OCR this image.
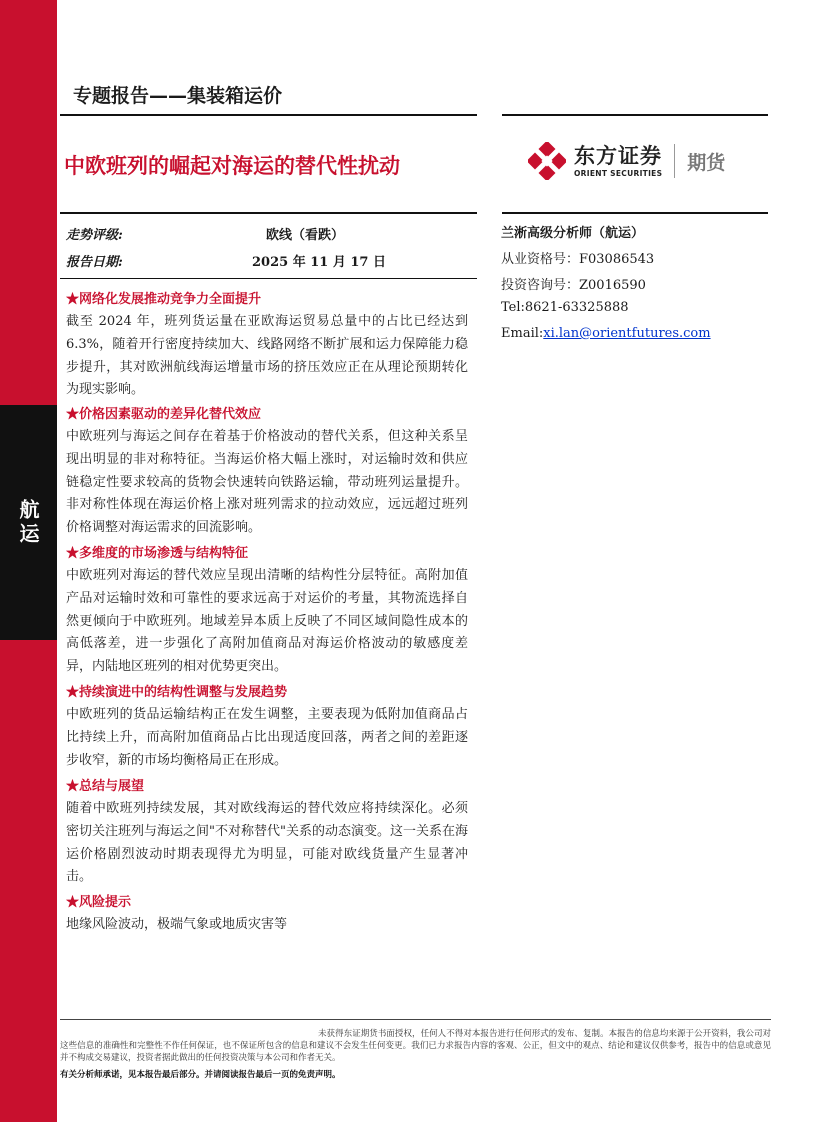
航运
专题报告——集装箱运价
中欧班列的崛起对海运的替代性扰动	东方证券
ORIENT SECURITIES 期货
走势评级:	欧线（看跌）
报告日期:	2025 年 11 月 17 日
兰淅高级分析师（航运）
从业资格号：F03086543
投资咨询号：Z0016590
Tel:8621-63325888
Email:xi.lan@orientfutures.com
★网络化发展推动竞争力全面提升
截至 2024 年，班列货运量在亚欧海运贸易总量中的占比已经达到 6.3%，随着开行密度持续加大、线路网络不断扩展和运力保障能力稳步提升，其对欧洲航线海运增量市场的挤压效应正在从理论预期转化为现实影响。
★价格因素驱动的差异化替代效应
中欧班列与海运之间存在着基于价格波动的替代关系，但这种关系呈现出明显的非对称特征。当海运价格大幅上涨时，对运输时效和供应链稳定性要求较高的货物会快速转向铁路运输，带动班列运量提升。非对称性体现在海运价格上涨对班列需求的拉动效应，远远超过班列价格调整对海运需求的回流影响。
★多维度的市场渗透与结构特征
中欧班列对海运的替代效应呈现出清晰的结构性分层特征。高附加值产品对运输时效和可靠性的要求远高于对运价的考量，其物流选择自然更倾向于中欧班列。地域差异本质上反映了不同区域间隐性成本的高低落差，进一步强化了高附加值商品对海运价格波动的敏感度差异，内陆地区班列的相对优势更突出。
★持续演进中的结构性调整与发展趋势
中欧班列的货品运输结构正在发生调整，主要表现为低附加值商品占比持续上升，而高附加值商品占比出现适度回落，两者之间的差距逐步收窄，新的市场均衡格局正在形成。
★总结与展望
随着中欧班列持续发展，其对欧线海运的替代效应将持续深化。必须密切关注班列与海运之间"不对称替代"关系的动态演变。这一关系在海运价格剧烈波动时期表现得尤为明显，可能对欧线货量产生显著冲击。
★风险提示
地缘风险波动，极端气象或地质灾害等
未获得东证期货书面授权，任何人不得对本报告进行任何形式的发布、复制。本报告的信息均来源于公开资料，我公司对这些信息的准确性和完整性不作任何保证，也不保证所包含的信息和建议不会发生任何变更。我们已力求报告内容的客观、公正，但文中的观点、结论和建议仅供参考，报告中的信息或意见并不构成交易建议，投资者据此做出的任何投资决策与本公司和作者无关。
有关分析师承诺，见本报告最后部分。并请阅读报告最后一页的免责声明。
